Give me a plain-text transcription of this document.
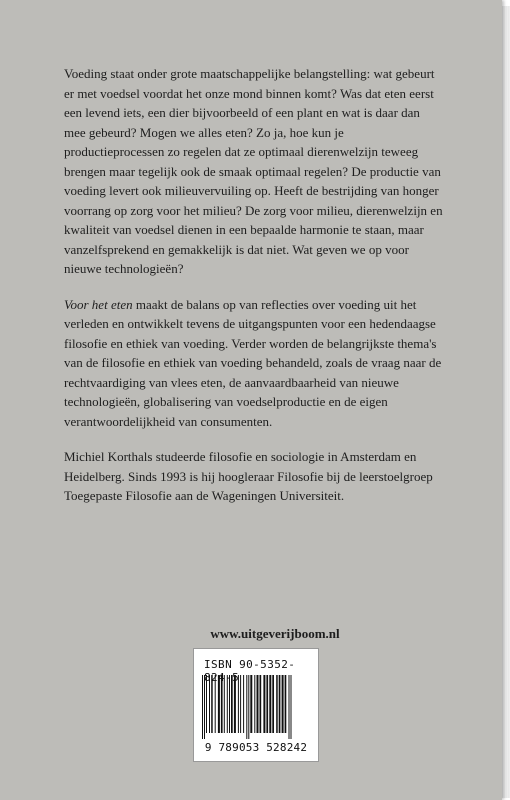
Voeding staat onder grote maatschappelijke belangstelling: wat gebeurt er met voedsel voordat het onze mond binnen komt? Was dat eten eerst een levend iets, een dier bijvoorbeeld of een plant en wat is daar dan mee gebeurd? Mogen we alles eten? Zo ja, hoe kun je productieprocessen zo regelen dat ze optimaal dierenwelzijn teweeg brengen maar tegelijk ook de smaak optimaal regelen? De productie van voeding levert ook milieuvervuiling op. Heeft de bestrijding van honger voorrang op zorg voor het milieu? De zorg voor milieu, dierenwelzijn en kwaliteit van voedsel dienen in een bepaalde harmonie te staan, maar vanzelfsprekend en gemakkelijk is dat niet. Wat geven we op voor nieuwe technologieën?

Voor het eten maakt de balans op van reflecties over voeding uit het verleden en ontwikkelt tevens de uitgangspunten voor een hedendaagse filosofie en ethiek van voeding. Verder worden de belangrijkste thema's van de filosofie en ethiek van voeding behandeld, zoals de vraag naar de rechtvaardiging van vlees eten, de aanvaardbaarheid van nieuwe technologieën, globalisering van voedselproductie en de eigen verantwoordelijkheid van consumenten.

Michiel Korthals studeerde filosofie en sociologie in Amsterdam en Heidelberg. Sinds 1993 is hij hoogleraar Filosofie bij de leerstoelgroep Toegepaste Filosofie aan de Wageningen Universiteit.

www.uitgeverijboom.nl
ISBN 90-5352-824-5
9 789053 528242
